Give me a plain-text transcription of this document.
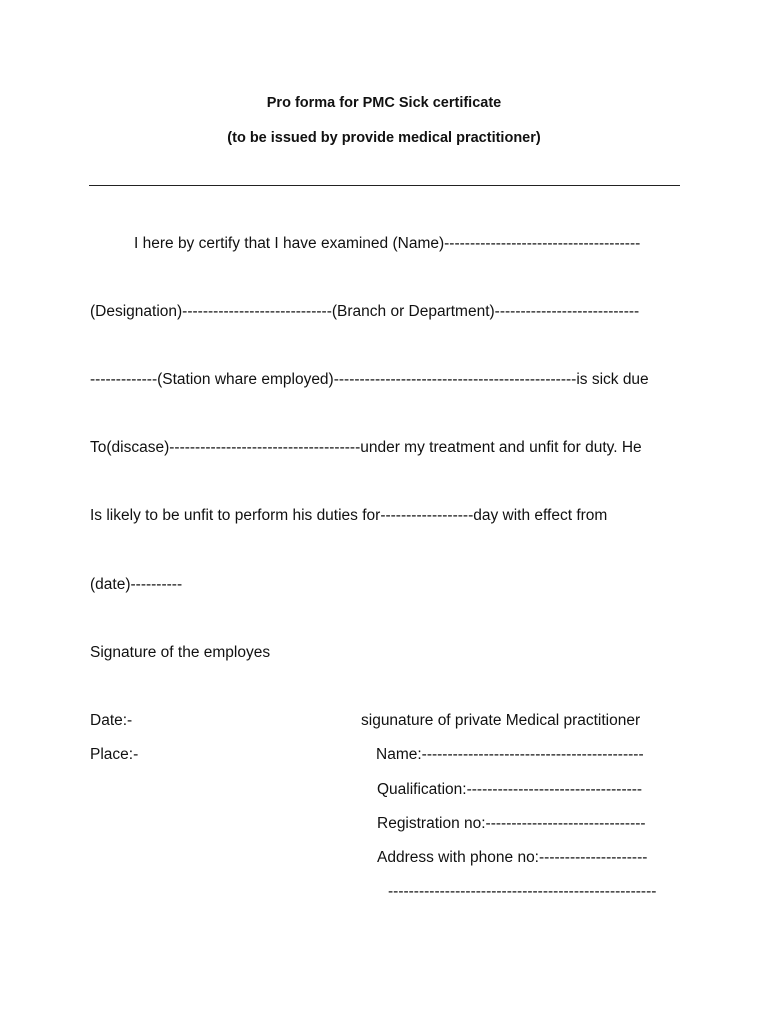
Pro forma for PMC Sick certificate
(to be issued by provide medical practitioner)
I here by certify that I have examined (Name)--------------------------------------
(Designation)-----------------------------(Branch or Department)----------------------------
-------------(Station whare employed)-----------------------------------------------is sick due
To(discase)-------------------------------------under my treatment and unfit for duty. He
Is likely to be unfit to perform his duties for------------------day with effect from
(date)----------
Signature of the employes
Date:-
Place:-
sigunature of private Medical practitioner
Name:-------------------------------------------
Qualification:----------------------------------
Registration no:-------------------------------
Address with phone no:---------------------
----------------------------------------------------
